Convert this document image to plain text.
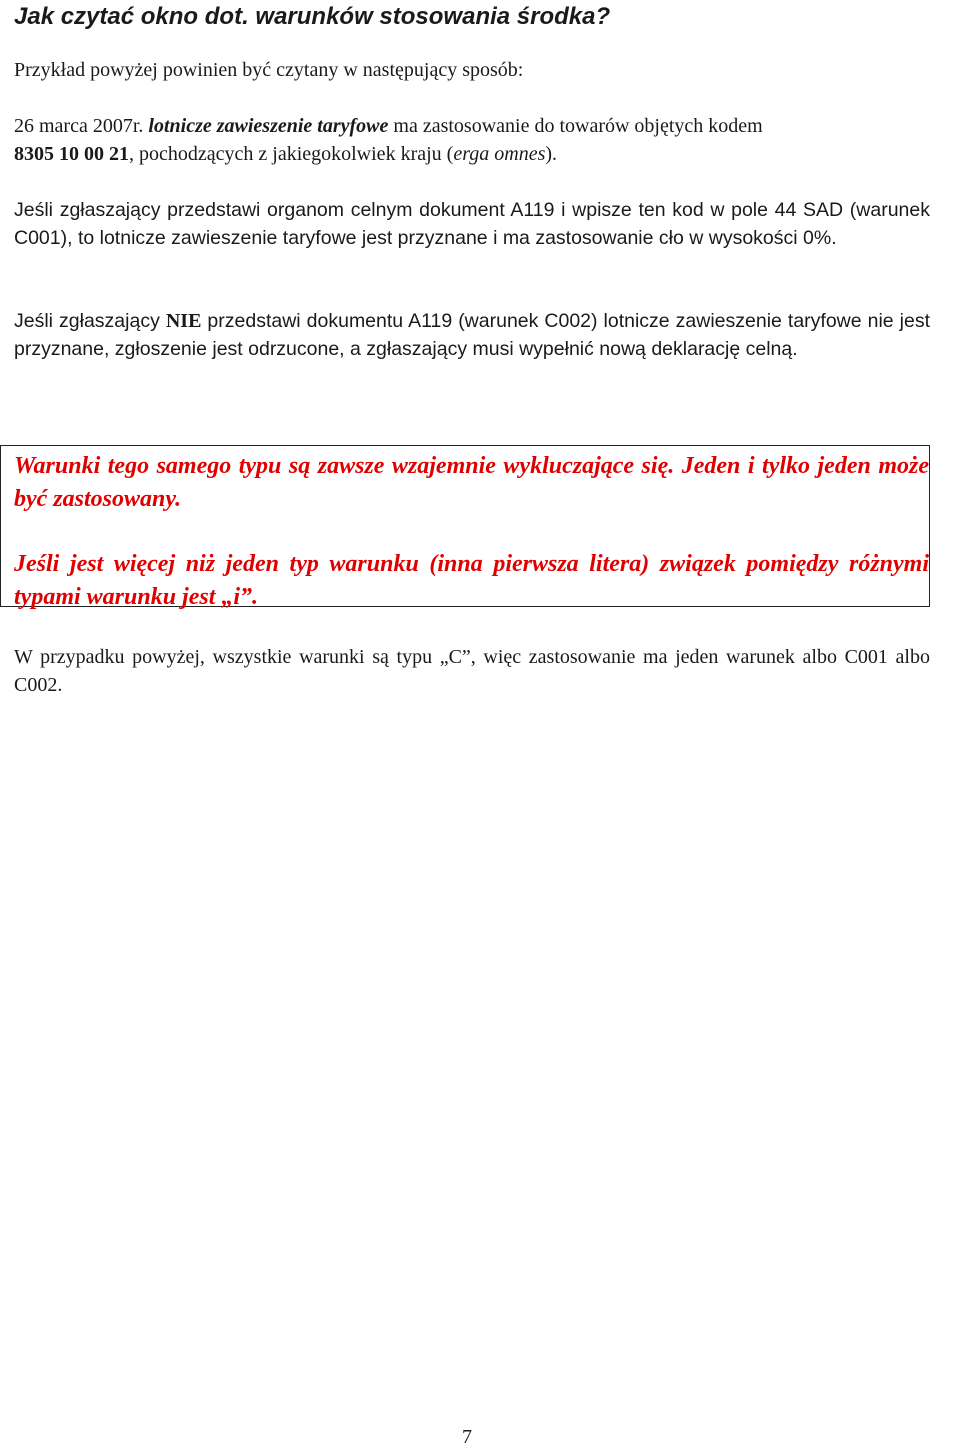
Jak czytać okno dot. warunków stosowania środka?

Przykład powyżej powinien być czytany w następujący sposób:

26 marca 2007r. lotnicze zawieszenie taryfowe ma zastosowanie do towarów objętych kodem
8305 10 00 21, pochodzących z jakiegokolwiek kraju (erga omnes).

Jeśli zgłaszający przedstawi organom celnym dokument A119 i wpisze ten kod w pole 44 SAD (warunek C001), to lotnicze zawieszenie taryfowe jest przyznane i ma zastosowanie cło w wysokości 0%.

Jeśli zgłaszający NIE przedstawi dokumentu A119 (warunek C002) lotnicze zawieszenie taryfowe nie jest przyznane, zgłoszenie jest odrzucone, a zgłaszający musi wypełnić nową deklarację celną.

Warunki tego samego typu są zawsze wzajemnie wykluczające się. Jeden i tylko jeden może być zastosowany.

Jeśli jest więcej niż jeden typ warunku (inna pierwsza litera) związek pomiędzy różnymi typami warunku jest „i”.

W przypadku powyżej, wszystkie warunki są typu „C”, więc zastosowanie ma jeden warunek albo C001 albo C002.

7
